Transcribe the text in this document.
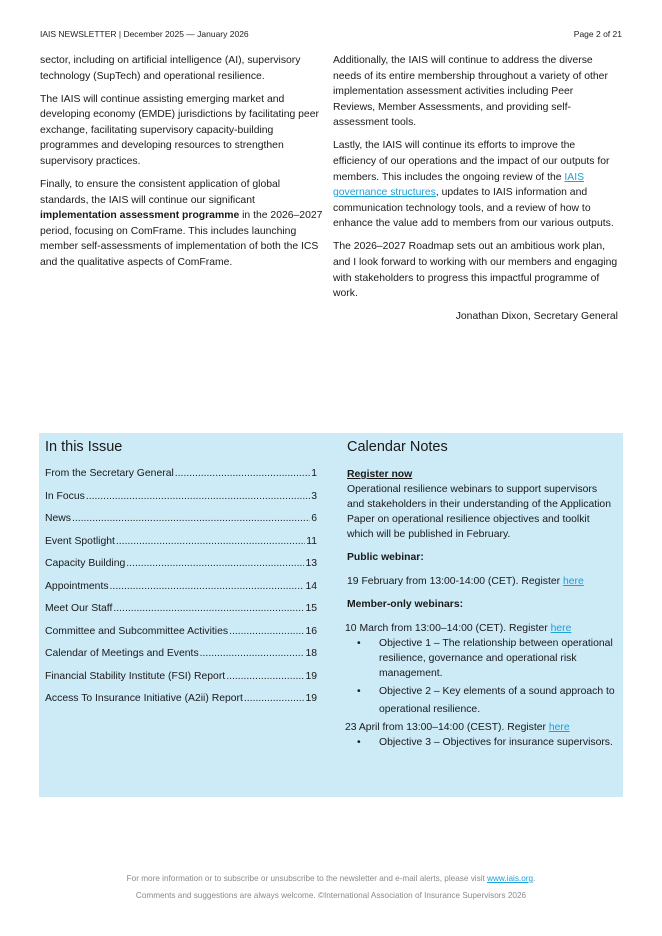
IAIS NEWSLETTER | December 2025 — January 2026	Page 2 of 21

sector, including on artificial intelligence (AI), supervisory technology (SupTech) and operational resilience.

The IAIS will continue assisting emerging market and developing economy (EMDE) jurisdictions by facilitating peer exchange, facilitating supervisory capacity-building programmes and developing resources to strengthen supervisory practices.

Finally, to ensure the consistent application of global standards, the IAIS will continue our significant implementation assessment programme in the 2026–2027 period, focusing on ComFrame. This includes launching member self-assessments of implementation of both the ICS and the qualitative aspects of ComFrame.

Additionally, the IAIS will continue to address the diverse needs of its entire membership throughout a variety of other implementation assessment activities including Peer Reviews, Member Assessments, and providing self-assessment tools.

Lastly, the IAIS will continue its efforts to improve the efficiency of our operations and the impact of our outputs for members. This includes the ongoing review of the IAIS governance structures, updates to IAIS information and communication technology tools, and a review of how to enhance the value add to members from our various outputs.

The 2026–2027 Roadmap sets out an ambitious work plan, and I look forward to working with our members and engaging with stakeholders to progress this impactful programme of work.

Jonathan Dixon, Secretary General

In this Issue
From the Secretary General .....	1
In Focus .....	3
News .....	6
Event Spotlight .....	11
Capacity Building .....	13
Appointments .....	14
Meet Our Staff .....	15
Committee and Subcommittee Activities .....	16
Calendar of Meetings and Events .....	18
Financial Stability Institute (FSI) Report .....	19
Access To Insurance Initiative (A2ii) Report .....	19
Calendar Notes

Register now

Operational resilience webinars to support supervisors and stakeholders in their understanding of the Application Paper on operational resilience objectives and toolkit which will be published in February.

Public webinar:

19 February from 13:00-14:00 (CET). Register here

Member-only webinars:

10 March from 13:00–14:00 (CET). Register here

• Objective 1 – The relationship between operational resilience, governance and operational risk management.
• Objective 2 – Key elements of a sound approach to operational resilience.

23 April from 13:00–14:00 (CEST). Register here

• Objective 3 – Objectives for insurance supervisors.

For more information or to subscribe or unsubscribe to the newsletter and e-mail alerts, please visit www.iais.org.

Comments and suggestions are always welcome. ©International Association of Insurance Supervisors 2026
